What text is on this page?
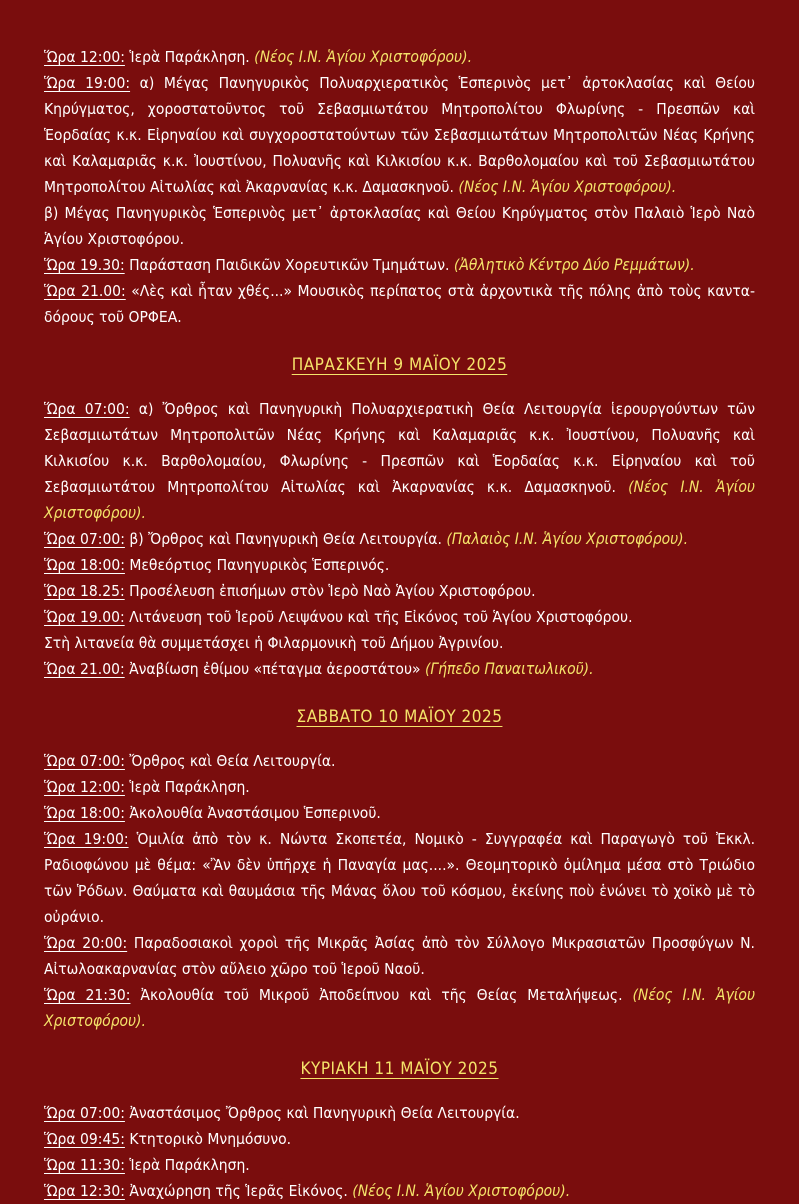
Ὥρα 12:00: Ἱερὰ Παράκληση. (Νέος Ι.Ν. Ἁγίου Χριστοφόρου).

Ὥρα 19:00: α) Μέγας Πανηγυρικὸς Πολυαρχιερατικὸς Ἑσπερινὸς μετ᾽ ἀρτοκλασίας καὶ Θείου Κηρύγματος, χοροστατοῦντος τοῦ Σεβασμιωτάτου Μητροπολίτου Φλωρίνης - Πρεσπῶν καὶ Ἑορδαίας κ.κ. Εἰρηναίου καὶ συγχοροστατούντων τῶν Σεβασμιωτάτων Μητροπολιτῶν Νέας Κρήνης καὶ Καλαμαριᾶς κ.κ. Ἰουστίνου, Πολυανῆς καὶ Κιλκισίου κ.κ. Βαρθολομαίου καὶ τοῦ Σεβασμιωτάτου Μητροπολίτου Αἰτωλίας καὶ Ἀκαρνανίας κ.κ. Δαμασκηνοῦ. (Νέος Ι.Ν. Ἁγίου Χριστοφόρου).
β) Μέγας Πανηγυρικὸς Ἑσπερινὸς μετ᾽ ἀρτοκλασίας καὶ Θείου Κηρύγματος στὸν Παλαιὸ Ἱερὸ Ναὸ Ἁγίου Χριστοφόρου.

Ὥρα 19.30: Παράσταση Παιδικῶν Χορευτικῶν Τμημάτων. (Ἀθλητικὸ Κέντρο Δύο Ρεμμάτων).

Ὥρα 21.00: «Λὲς καὶ ἦταν χθές...» Μουσικὸς περίπατος στὰ ἀρχοντικὰ τῆς πόλης ἀπὸ τοὺς καντα-δόρους τοῦ ΟΡΦΕΑ.

ΠΑΡΑΣΚΕΥΗ 9 ΜΑΪΟΥ 2025

Ὥρα 07:00: α) Ὄρθρος καὶ Πανηγυρικὴ Πολυαρχιερατικὴ Θεία Λειτουργία ἱερουργούντων τῶν Σεβασμιωτάτων Μητροπολιτῶν Νέας Κρήνης καὶ Καλαμαριᾶς κ.κ. Ἰουστίνου, Πολυανῆς καὶ Κιλκισίου κ.κ. Βαρθολομαίου, Φλωρίνης - Πρεσπῶν καὶ Ἑορδαίας κ.κ. Εἰρηναίου καὶ τοῦ Σεβασμιωτάτου Μητροπολίτου Αἰτωλίας καὶ Ἀκαρνανίας κ.κ. Δαμασκηνοῦ. (Νέος Ι.Ν. Ἁγίου Χριστοφόρου).

Ὥρα 07:00: β) Ὄρθρος καὶ Πανηγυρικὴ Θεία Λειτουργία. (Παλαιὸς Ι.Ν. Ἁγίου Χριστοφόρου).

Ὥρα 18:00: Μεθεόρτιος Πανηγυρικὸς Ἑσπερινός.

Ὥρα 18.25: Προσέλευση ἐπισήμων στὸν Ἱερὸ Ναὸ Ἁγίου Χριστοφόρου.

Ὥρα 19.00: Λιτάνευση τοῦ Ἱεροῦ Λειψάνου καὶ τῆς Εἰκόνος τοῦ Ἁγίου Χριστοφόρου.
Στὴ λιτανεία θὰ συμμετάσχει ἡ Φιλαρμονικὴ τοῦ Δήμου Ἀγρινίου.

Ὥρα 21.00: Ἀναβίωση ἐθίμου «πέταγμα ἀεροστάτου» (Γήπεδο Παναιτωλικοῦ).

ΣΑΒΒΑΤΟ 10 ΜΑΪΟΥ 2025

Ὥρα 07:00: Ὄρθρος καὶ Θεία Λειτουργία.

Ὥρα 12:00: Ἱερὰ Παράκληση.

Ὥρα 18:00: Ἀκολουθία Ἀναστάσιμου Ἑσπερινοῦ.

Ὥρα 19:00: Ὁμιλία ἀπὸ τὸν κ. Νώντα Σκοπετέα, Νομικὸ - Συγγραφέα καὶ Παραγωγὸ τοῦ Ἐκκλ. Ραδιοφώνου μὲ θέμα: «Ἂν δὲν ὑπῆρχε ἡ Παναγία μας....». Θεομητορικὸ ὁμίλημα μέσα στὸ Τριώδιο τῶν Ῥόδων. Θαύματα καὶ θαυμάσια τῆς Μάνας ὅλου τοῦ κόσμου, ἐκείνης ποὺ ἑνώνει τὸ χοϊκὸ μὲ τὸ οὐράνιο.

Ὥρα 20:00: Παραδοσιακοὶ χοροὶ τῆς Μικρᾶς Ἀσίας ἀπὸ τὸν Σύλλογο Μικρασιατῶν Προσφύγων Ν. Αἰτωλοακαρνανίας στὸν αὔλειο χῶρο τοῦ Ἱεροῦ Ναοῦ.

Ὥρα 21:30: Ἀκολουθία τοῦ Μικροῦ Ἀποδείπνου καὶ τῆς Θείας Μεταλήψεως. (Νέος Ι.Ν. Ἁγίου Χριστοφόρου).

ΚΥΡΙΑΚΗ 11 ΜΑΪΟΥ 2025

Ὥρα 07:00: Ἀναστάσιμος Ὄρθρος καὶ Πανηγυρικὴ Θεία Λειτουργία.

Ὥρα 09:45: Κτητορικὸ Μνημόσυνο.

Ὥρα 11:30: Ἱερὰ Παράκληση.

Ὥρα 12:30: Ἀναχώρηση τῆς Ἱερᾶς Εἰκόνος. (Νέος Ι.Ν. Ἁγίου Χριστοφόρου).
